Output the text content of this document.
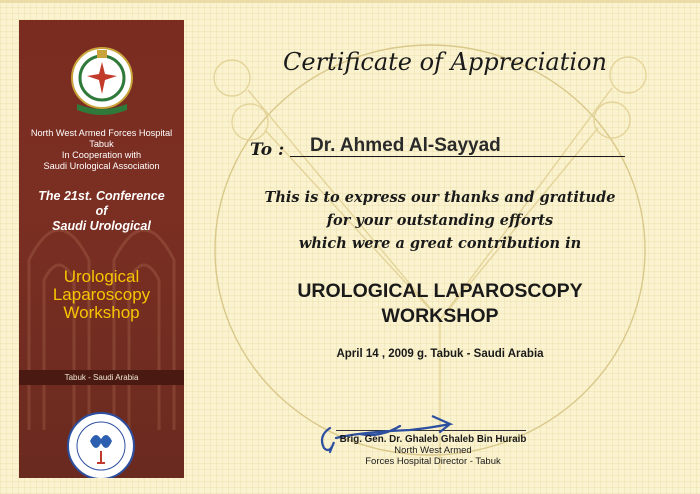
North West Armed Forces Hospital
Tabuk
In Cooperation with
Saudi Urological Association
The 21st. Conference
of
Saudi Urological
Urological
Laparoscopy
Workshop
Tabuk - Saudi Arabia
Certificate of Appreciation
To : Dr. Ahmed Al-Sayyad
This is to express our thanks and gratitude
for your outstanding efforts
which were a great contribution in
UROLOGICAL LAPAROSCOPY
WORKSHOP
April 14 , 2009 g. Tabuk - Saudi Arabia
Brig. Gen. Dr. Ghaleb Ghaleb Bin Huraib
North West Armed
Forces Hospital Director - Tabuk
